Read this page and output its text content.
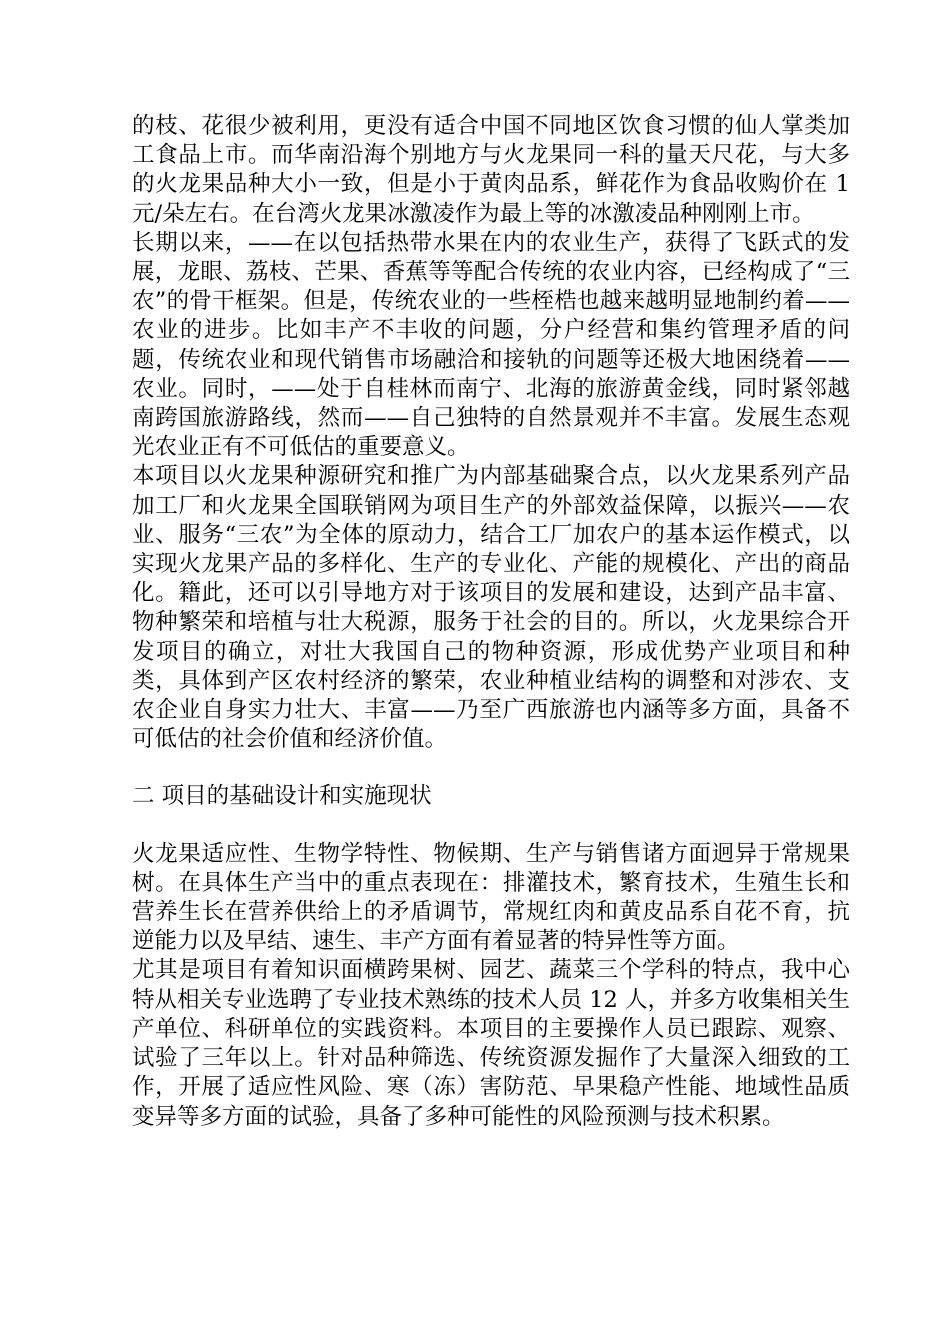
的枝、花很少被利用，更没有适合中国不同地区饮食习惯的仙人掌类加工食品上市。而华南沿海个别地方与火龙果同一科的量天尺花，与大多的火龙果品种大小一致，但是小于黄肉品系，鲜花作为食品收购价在 1 元/朵左右。在台湾火龙果冰激凌作为最上等的冰激凌品种刚刚上市。

长期以来，——在以包括热带水果在内的农业生产，获得了飞跃式的发展，龙眼、荔枝、芒果、香蕉等等配合传统的农业内容，已经构成了“三农”的骨干框架。但是，传统农业的一些桎梏也越来越明显地制约着——农业的进步。比如丰产不丰收的问题，分户经营和集约管理矛盾的问题，传统农业和现代销售市场融洽和接轨的问题等还极大地困绕着——农业。同时，——处于自桂林而南宁、北海的旅游黄金线，同时紧邻越南跨国旅游路线，然而——自己独特的自然景观并不丰富。发展生态观光农业正有不可低估的重要意义。

本项目以火龙果种源研究和推广为内部基础聚合点，以火龙果系列产品加工厂和火龙果全国联销网为项目生产的外部效益保障，以振兴——农业、服务“三农”为全体的原动力，结合工厂加农户的基本运作模式，以实现火龙果产品的多样化、生产的专业化、产能的规模化、产出的商品化。籍此，还可以引导地方对于该项目的发展和建设，达到产品丰富、物种繁荣和培植与壮大税源，服务于社会的目的。所以，火龙果综合开发项目的确立，对壮大我国自己的物种资源，形成优势产业项目和种类，具体到产区农村经济的繁荣，农业种植业结构的调整和对涉农、支农企业自身实力壮大、丰富——乃至广西旅游也内涵等多方面，具备不可低估的社会价值和经济价值。

二 项目的基础设计和实施现状

火龙果适应性、生物学特性、物候期、生产与销售诸方面迥异于常规果树。在具体生产当中的重点表现在：排灌技术，繁育技术，生殖生长和营养生长在营养供给上的矛盾调节，常规红肉和黄皮品系自花不育，抗逆能力以及早结、速生、丰产方面有着显著的特异性等方面。

尤其是项目有着知识面横跨果树、园艺、蔬菜三个学科的特点，我中心特从相关专业选聘了专业技术熟练的技术人员 12 人，并多方收集相关生产单位、科研单位的实践资料。本项目的主要操作人员已跟踪、观察、试验了三年以上。针对品种筛选、传统资源发掘作了大量深入细致的工作，开展了适应性风险、寒（冻）害防范、早果稳产性能、地域性品质变异等多方面的试验，具备了多种可能性的风险预测与技术积累。
